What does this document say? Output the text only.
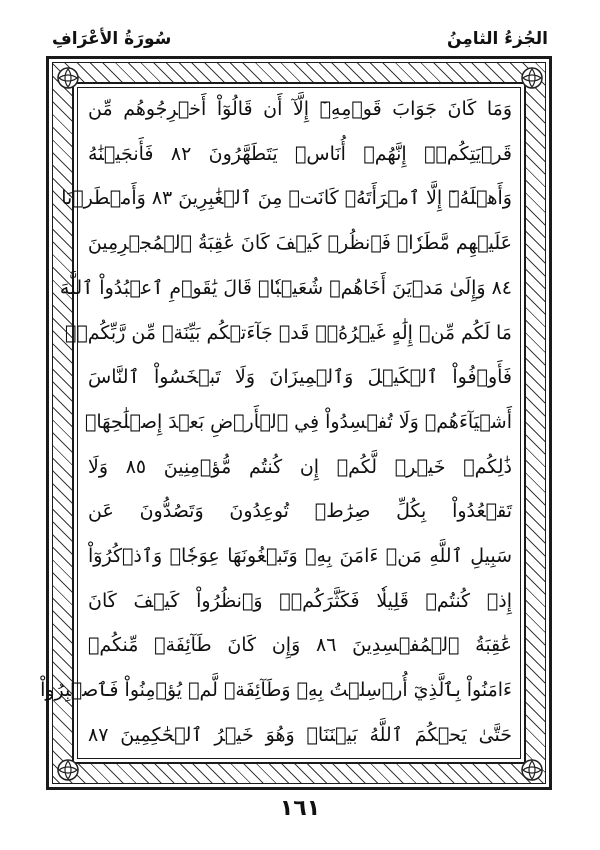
الجُزءُ الثامِنُ
سُورَةُ الأعْرَافِ
وَمَا كَانَ جَوَابَ قَوۡمِهِۦٓ إِلَّآ أَن قَالُوٓاْ أَخۡرِجُوهُم مِّن
قَرۡيَتِكُمۡۖ إِنَّهُمۡ أُنَاسٞ يَتَطَهَّرُونَ ٨٢ فَأَنجَيۡنَٰهُ
وَأَهۡلَهُۥٓ إِلَّا ٱمۡرَأَتَهُۥ كَانَتۡ مِنَ ٱلۡغَٰبِرِينَ ٨٣ وَأَمۡطَرۡنَا
عَلَيۡهِم مَّطَرٗاۖ فَٱنظُرۡ كَيۡفَ كَانَ عَٰقِبَةُ ٱلۡمُجۡرِمِينَ
٨٤ وَإِلَىٰ مَدۡيَنَ أَخَاهُمۡ شُعَيۡبٗاۚ قَالَ يَٰقَوۡمِ ٱعۡبُدُواْ ٱللَّهَ
مَا لَكُم مِّنۡ إِلَٰهٍ غَيۡرُهُۥۖ قَدۡ جَآءَتۡكُم بَيِّنَةٞ مِّن رَّبِّكُمۡۖ
فَأَوۡفُواْ ٱلۡكَيۡلَ وَٱلۡمِيزَانَ وَلَا تَبۡخَسُواْ ٱلنَّاسَ
أَشۡيَآءَهُمۡ وَلَا تُفۡسِدُواْ فِي ٱلۡأَرۡضِ بَعۡدَ إِصۡلَٰحِهَاۚ
ذَٰلِكُمۡ خَيۡرٞ لَّكُمۡ إِن كُنتُم مُّؤۡمِنِينَ ٨٥ وَلَا
تَقۡعُدُواْ بِكُلِّ صِرَٰطٖ تُوعِدُونَ وَتَصُدُّونَ عَن
سَبِيلِ ٱللَّهِ مَنۡ ءَامَنَ بِهِۦ وَتَبۡغُونَهَا عِوَجٗاۚ وَٱذۡكُرُوٓاْ
إِذۡ كُنتُمۡ قَلِيلٗا فَكَثَّرَكُمۡۖ وَٱنظُرُواْ كَيۡفَ كَانَ
عَٰقِبَةُ ٱلۡمُفۡسِدِينَ ٨٦ وَإِن كَانَ طَآئِفَةٞ مِّنكُمۡ
ءَامَنُواْ بِٱلَّذِيٓ أُرۡسِلۡتُ بِهِۦ وَطَآئِفَةٞ لَّمۡ يُؤۡمِنُواْ فَٱصۡبِرُواْ
حَتَّىٰ يَحۡكُمَ ٱللَّهُ بَيۡنَنَاۚ وَهُوَ خَيۡرُ ٱلۡحَٰكِمِينَ ٨٧
١٦١
